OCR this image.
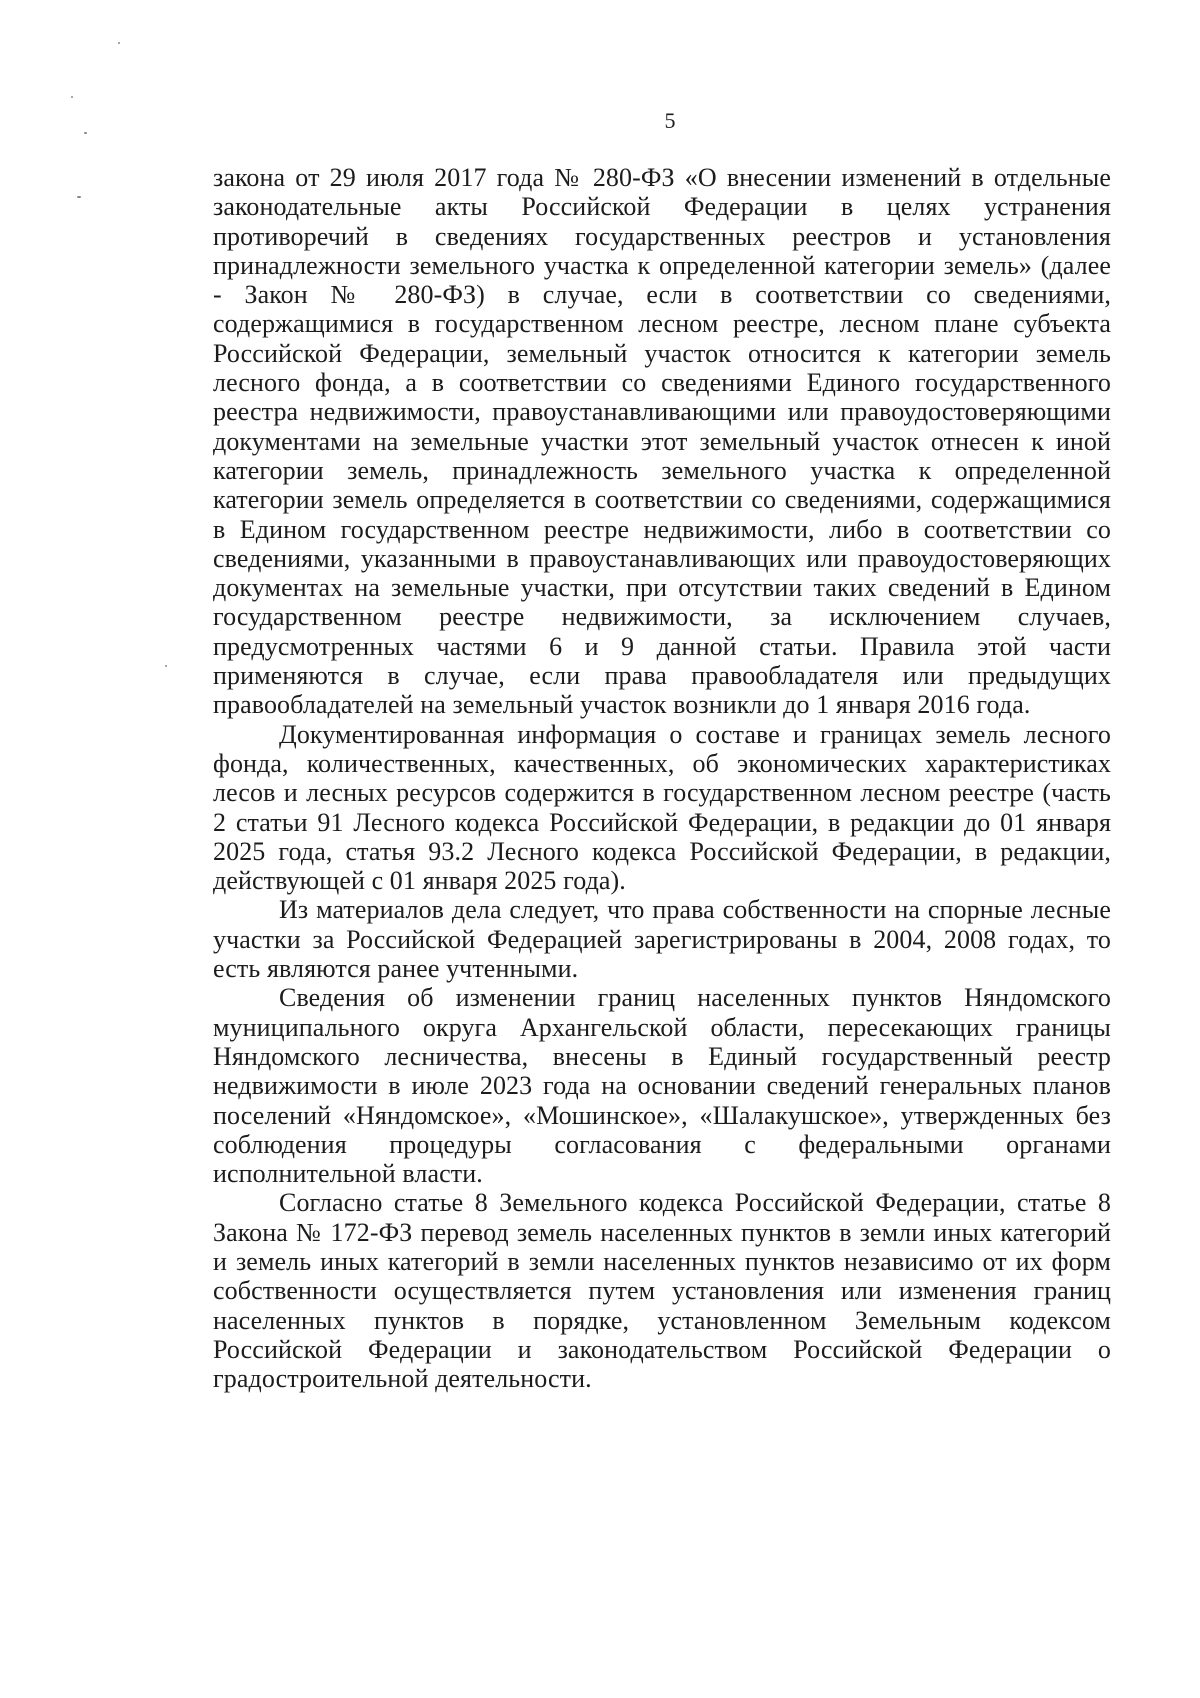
5

закона от 29 июля 2017 года № 280-ФЗ «О внесении изменений в отдельные законодательные акты Российской Федерации в целях устранения противоречий в сведениях государственных реестров и установления принадлежности земельного участка к определенной категории земель» (далее - Закон № 280-ФЗ) в случае, если в соответствии со сведениями, содержащимися в государственном лесном реестре, лесном плане субъекта Российской Федерации, земельный участок относится к категории земель лесного фонда, а в соответствии со сведениями Единого государственного реестра недвижимости, правоустанавливающими или правоудостоверяющими документами на земельные участки этот земельный участок отнесен к иной категории земель, принадлежность земельного участка к определенной категории земель определяется в соответствии со сведениями, содержащимися в Едином государственном реестре недвижимости, либо в соответствии со сведениями, указанными в правоустанавливающих или правоудостоверяющих документах на земельные участки, при отсутствии таких сведений в Едином государственном реестре недвижимости, за исключением случаев, предусмотренных частями 6 и 9 данной статьи. Правила этой части применяются в случае, если права правообладателя или предыдущих правообладателей на земельный участок возникли до 1 января 2016 года.

Документированная информация о составе и границах земель лесного фонда, количественных, качественных, об экономических характеристиках лесов и лесных ресурсов содержится в государственном лесном реестре (часть 2 статьи 91 Лесного кодекса Российской Федерации, в редакции до 01 января 2025 года, статья 93.2 Лесного кодекса Российской Федерации, в редакции, действующей с 01 января 2025 года).

Из материалов дела следует, что права собственности на спорные лесные участки за Российской Федерацией зарегистрированы в 2004, 2008 годах, то есть являются ранее учтенными.

Сведения об изменении границ населенных пунктов Няндомского муниципального округа Архангельской области, пересекающих границы Няндомского лесничества, внесены в Единый государственный реестр недвижимости в июле 2023 года на основании сведений генеральных планов поселений «Няндомское», «Мошинское», «Шалакушское», утвержденных без соблюдения процедуры согласования с федеральными органами исполнительной власти.

Согласно статье 8 Земельного кодекса Российской Федерации, статье 8 Закона № 172-ФЗ перевод земель населенных пунктов в земли иных категорий и земель иных категорий в земли населенных пунктов независимо от их форм собственности осуществляется путем установления или изменения границ населенных пунктов в порядке, установленном Земельным кодексом Российской Федерации и законодательством Российской Федерации о градостроительной деятельности.
